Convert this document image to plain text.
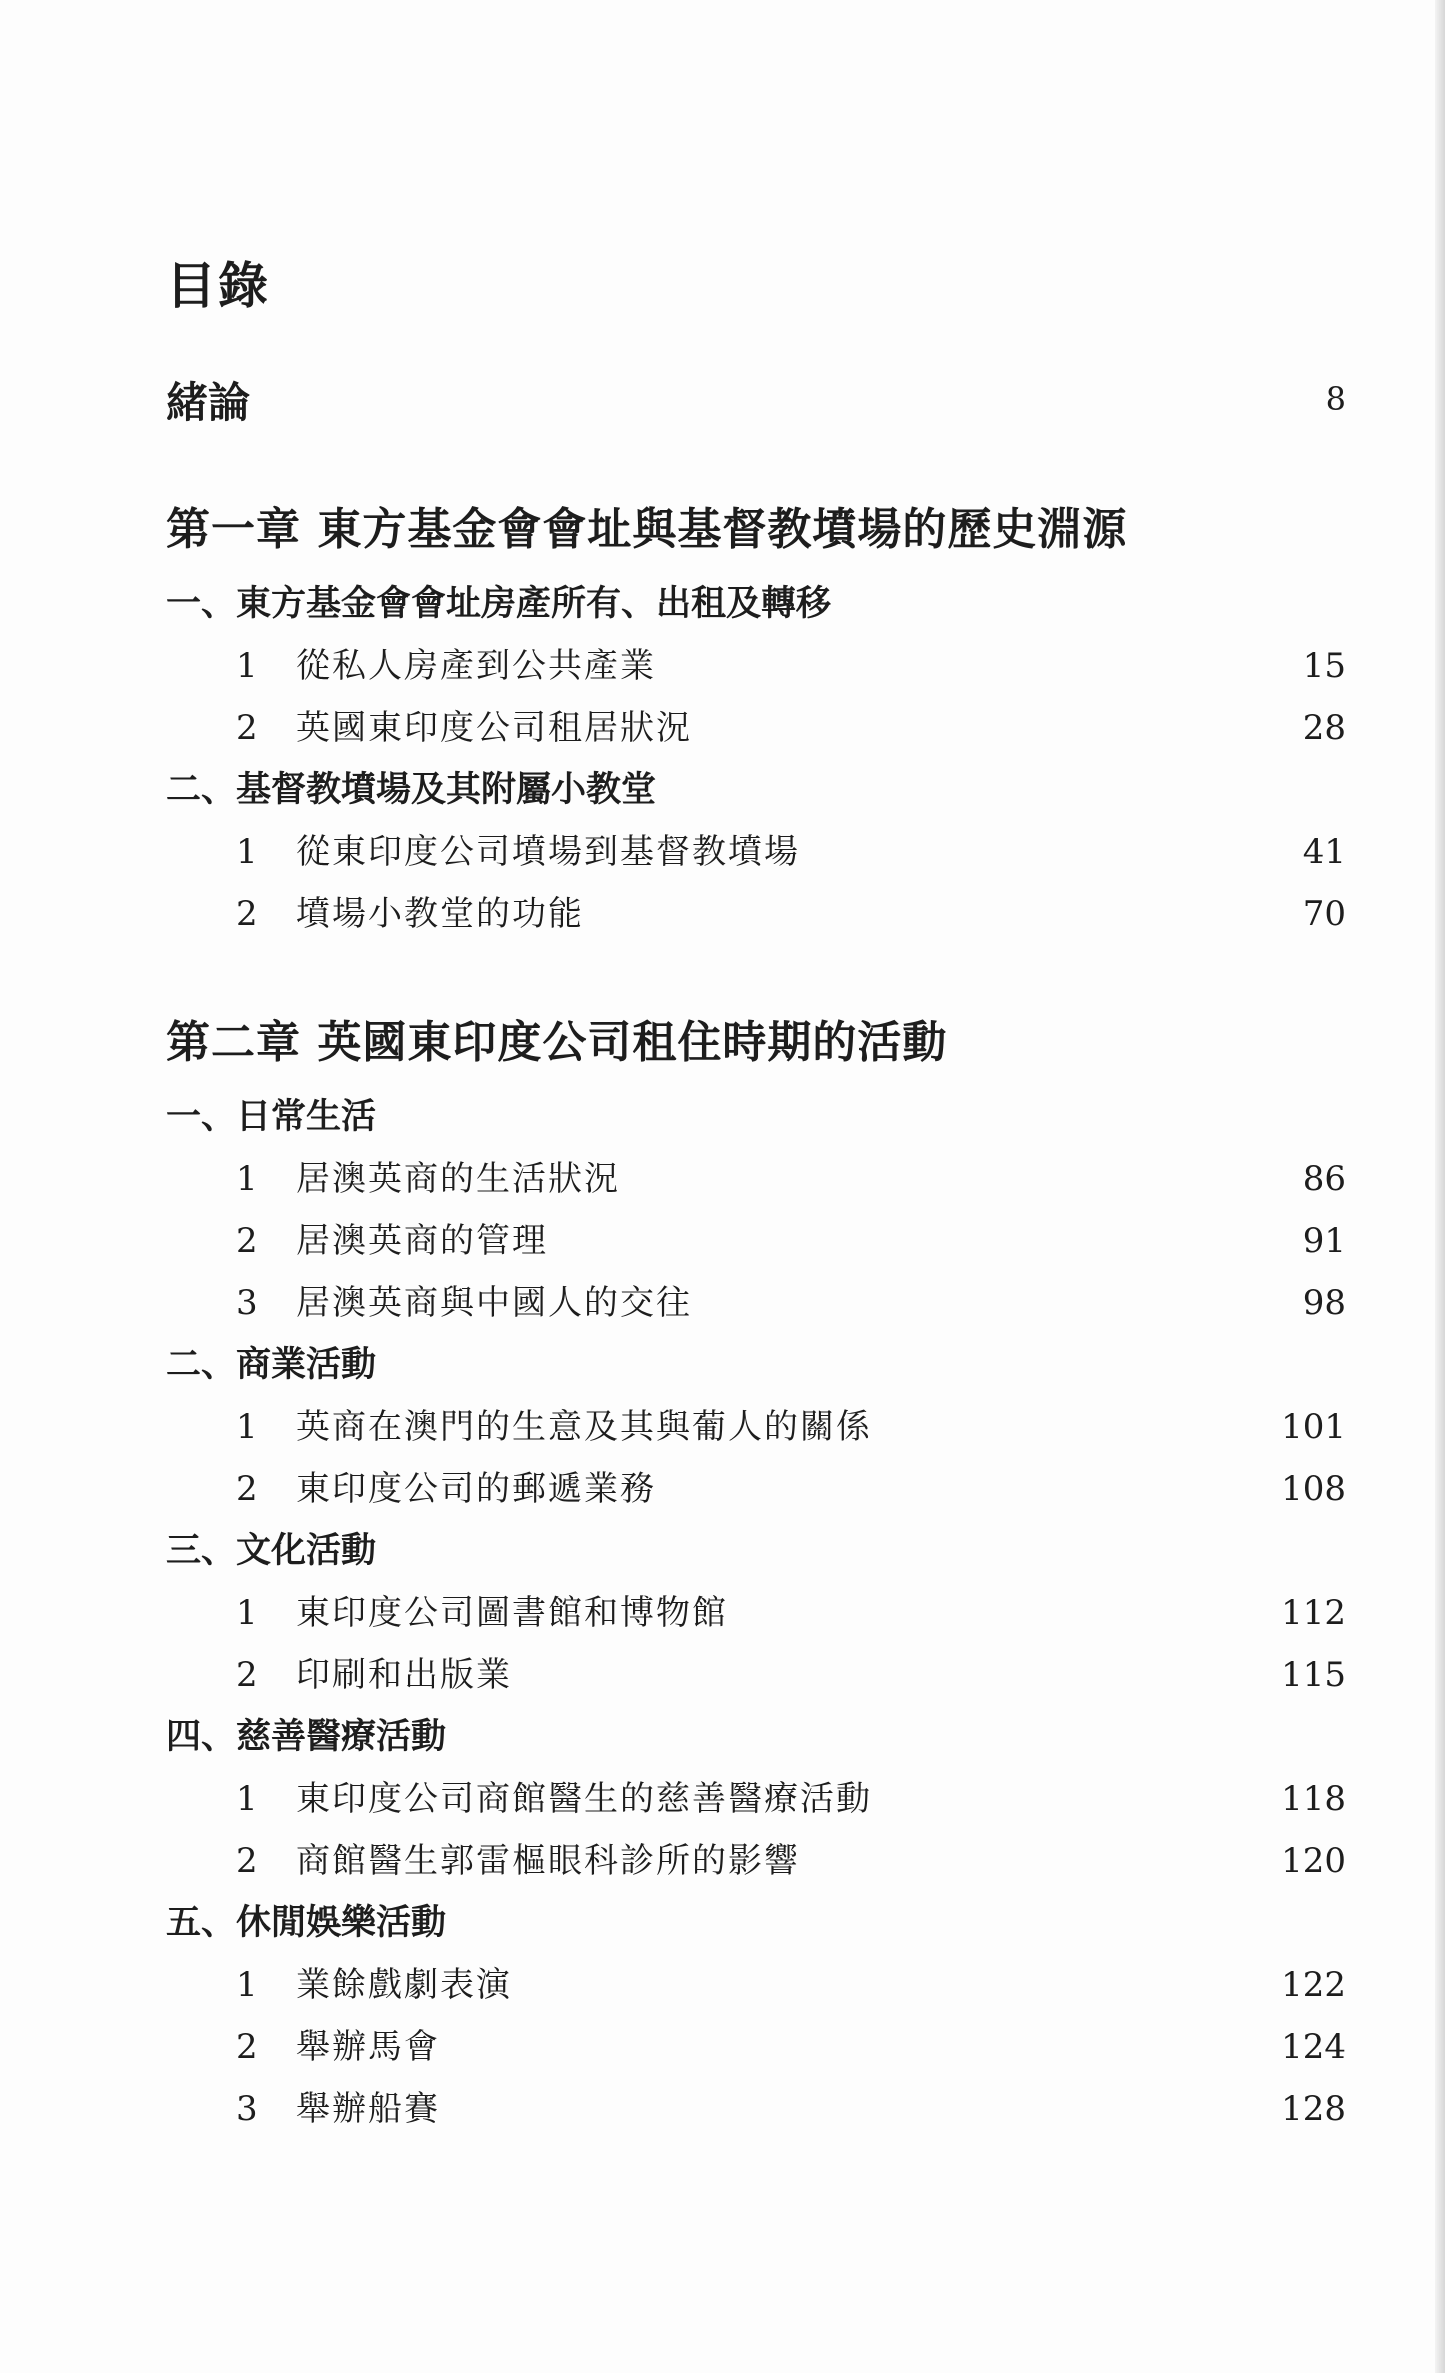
目錄
緒論	8
第一章 東方基金會會址與基督教墳場的歷史淵源
一、東方基金會會址房產所有、出租及轉移
1 從私人房產到公共產業	15
2 英國東印度公司租居狀況	28
二、基督教墳場及其附屬小教堂
1 從東印度公司墳場到基督教墳場	41
2 墳場小教堂的功能	70
第二章 英國東印度公司租住時期的活動
一、日常生活
1 居澳英商的生活狀況	86
2 居澳英商的管理	91
3 居澳英商與中國人的交往	98
二、商業活動
1 英商在澳門的生意及其與葡人的關係	101
2 東印度公司的郵遞業務	108
三、文化活動
1 東印度公司圖書館和博物館	112
2 印刷和出版業	115
四、慈善醫療活動
1 東印度公司商館醫生的慈善醫療活動	118
2 商館醫生郭雷樞眼科診所的影響	120
五、休閒娛樂活動
1 業餘戲劇表演	122
2 舉辦馬會	124
3 舉辦船賽	128
